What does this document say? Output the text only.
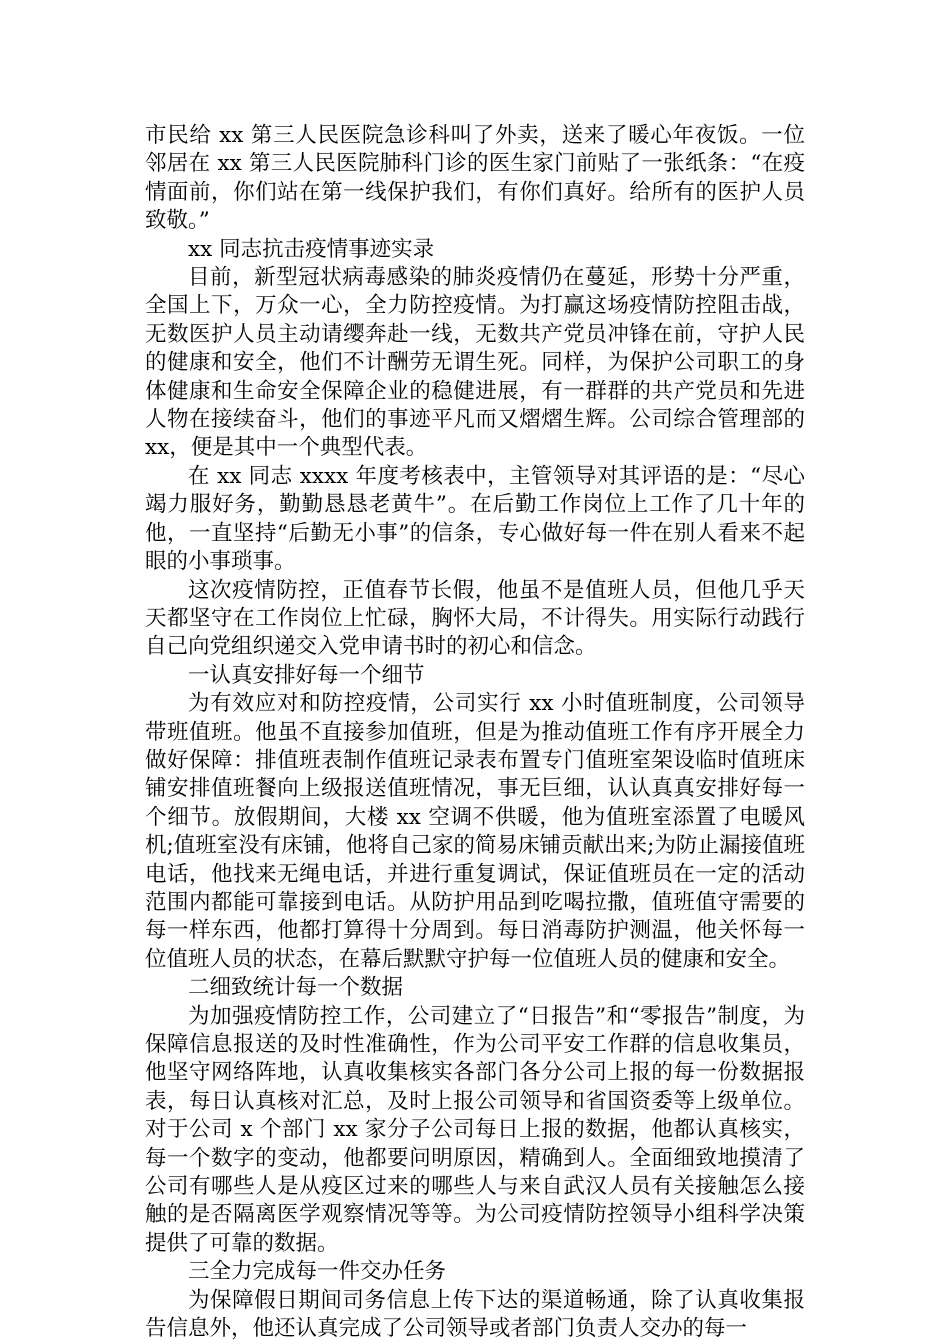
市民给 xx 第三人民医院急诊科叫了外卖，送来了暖心年夜饭。一位邻居在 xx 第三人民医院肺科门诊的医生家门前贴了一张纸条：“在疫情面前，你们站在第一线保护我们，有你们真好。给所有的医护人员致敬。”

xx 同志抗击疫情事迹实录

目前，新型冠状病毒感染的肺炎疫情仍在蔓延，形势十分严重，全国上下，万众一心，全力防控疫情。为打赢这场疫情防控阻击战，无数医护人员主动请缨奔赴一线，无数共产党员冲锋在前，守护人民的健康和安全，他们不计酬劳无谓生死。同样，为保护公司职工的身体健康和生命安全保障企业的稳健进展，有一群群的共产党员和先进人物在接续奋斗，他们的事迹平凡而又熠熠生辉。公司综合管理部的 xx，便是其中一个典型代表。

在 xx 同志 xxxx 年度考核表中，主管领导对其评语的是：“尽心竭力服好务，勤勤恳恳老黄牛”。在后勤工作岗位上工作了几十年的他，一直坚持“后勤无小事”的信条，专心做好每一件在别人看来不起眼的小事琐事。

这次疫情防控，正值春节长假，他虽不是值班人员，但他几乎天天都坚守在工作岗位上忙碌，胸怀大局，不计得失。用实际行动践行自己向党组织递交入党申请书时的初心和信念。

一认真安排好每一个细节

为有效应对和防控疫情，公司实行 xx 小时值班制度，公司领导带班值班。他虽不直接参加值班，但是为推动值班工作有序开展全力做好保障：排值班表制作值班记录表布置专门值班室架设临时值班床铺安排值班餐向上级报送值班情况，事无巨细，认认真真安排好每一个细节。放假期间，大楼 xx 空调不供暖，他为值班室添置了电暖风机;值班室没有床铺，他将自己家的简易床铺贡献出来;为防止漏接值班电话，他找来无绳电话，并进行重复调试，保证值班员在一定的活动范围内都能可靠接到电话。从防护用品到吃喝拉撒，值班值守需要的每一样东西，他都打算得十分周到。每日消毒防护测温，他关怀每一位值班人员的状态，在幕后默默守护每一位值班人员的健康和安全。

二细致统计每一个数据

为加强疫情防控工作，公司建立了“日报告”和“零报告”制度，为保障信息报送的及时性准确性，作为公司平安工作群的信息收集员，他坚守网络阵地，认真收集核实各部门各分公司上报的每一份数据报表，每日认真核对汇总，及时上报公司领导和省国资委等上级单位。对于公司 x 个部门 xx 家分子公司每日上报的数据，他都认真核实，每一个数字的变动，他都要问明原因，精确到人。全面细致地摸清了公司有哪些人是从疫区过来的哪些人与来自武汉人员有关接触怎么接触的是否隔离医学观察情况等等。为公司疫情防控领导小组科学决策提供了可靠的数据。

三全力完成每一件交办任务

为保障假日期间司务信息上传下达的渠道畅通，除了认真收集报告信息外，他还认真完成了公司领导或者部门负责人交办的每一
